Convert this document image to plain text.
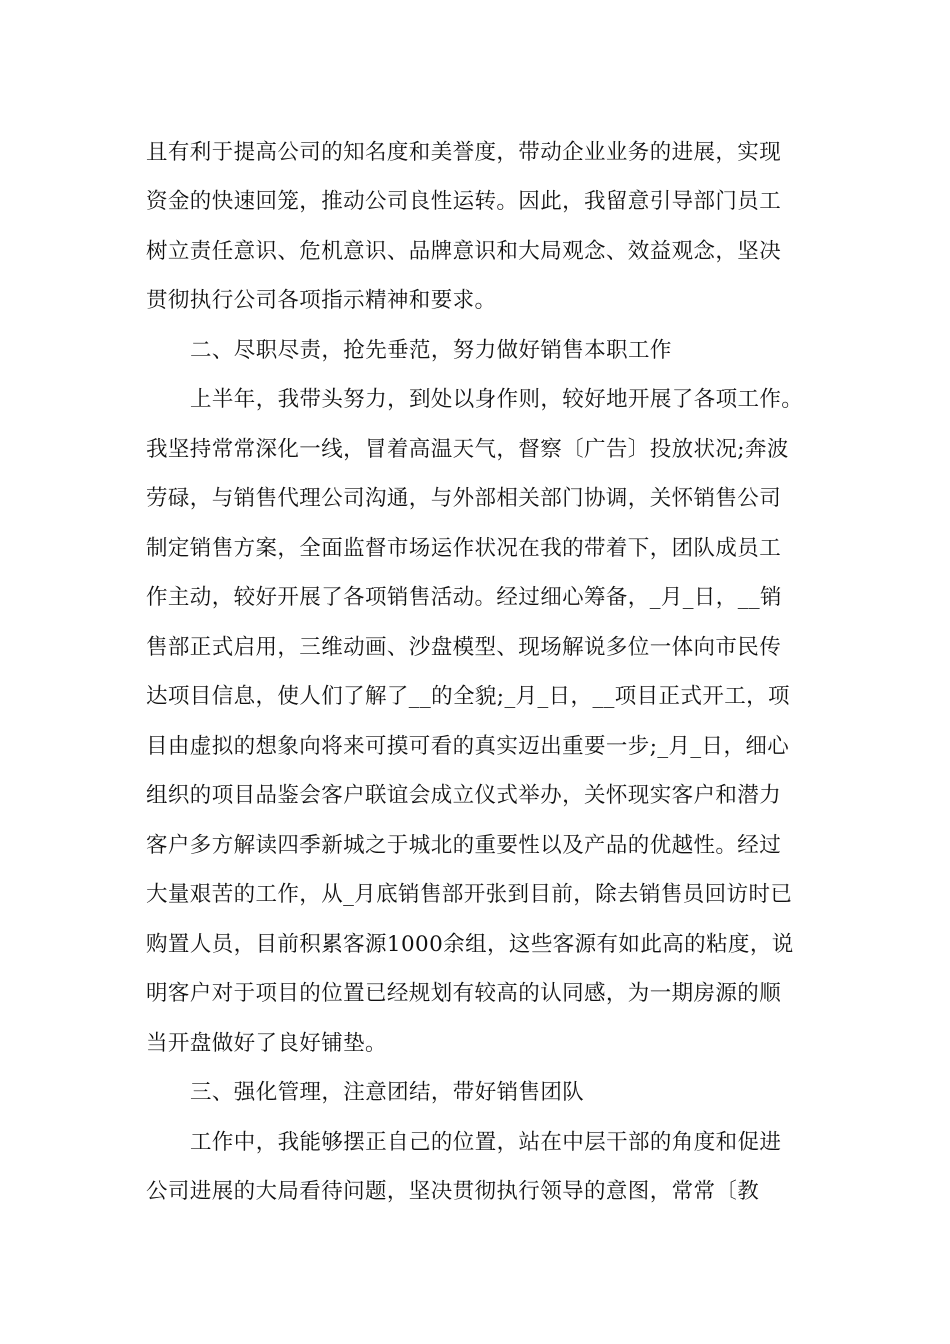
且有利于提高公司的知名度和美誉度，带动企业业务的进展，实现
资金的快速回笼，推动公司良性运转。因此，我留意引导部门员工
树立责任意识、危机意识、品牌意识和大局观念、效益观念，坚决
贯彻执行公司各项指示精神和要求。
二、尽职尽责，抢先垂范，努力做好销售本职工作
上半年，我带头努力，到处以身作则，较好地开展了各项工作。
我坚持常常深化一线，冒着高温天气，督察〔广告〕投放状况;奔波
劳碌，与销售代理公司沟通，与外部相关部门协调，关怀销售公司
制定销售方案，全面监督市场运作状况在我的带着下，团队成员工
作主动，较好开展了各项销售活动。经过细心筹备，_月_日，__销
售部正式启用，三维动画、沙盘模型、现场解说多位一体向市民传
达项目信息，使人们了解了__的全貌;_月_日，__项目正式开工，项
目由虚拟的想象向将来可摸可看的真实迈出重要一步;_月_日，细心
组织的项目品鉴会客户联谊会成立仪式举办，关怀现实客户和潜力
客户多方解读四季新城之于城北的重要性以及产品的优越性。经过
大量艰苦的工作，从_月底销售部开张到目前，除去销售员回访时已
购置人员，目前积累客源1000余组，这些客源有如此高的粘度，说
明客户对于项目的位置已经规划有较高的认同感，为一期房源的顺
当开盘做好了良好铺垫。
三、强化管理，注意团结，带好销售团队
工作中，我能够摆正自己的位置，站在中层干部的角度和促进
公司进展的大局看待问题，坚决贯彻执行领导的意图，常常〔教
